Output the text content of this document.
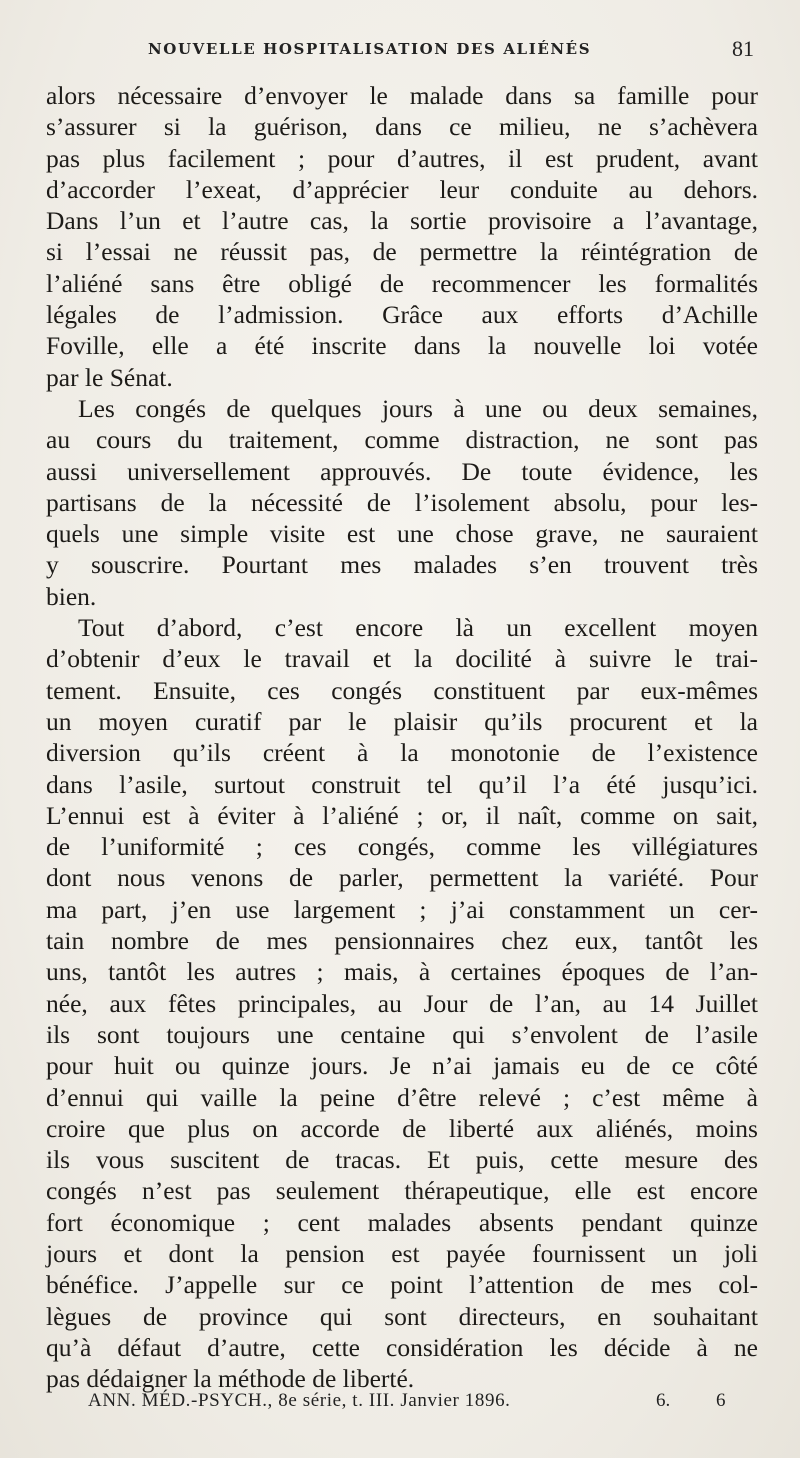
NOUVELLE HOSPITALISATION DES ALIÉNÉS	81
alors nécessaire d’envoyer le malade dans sa famille pour
s’assurer si la guérison, dans ce milieu, ne s’achèvera
pas plus facilement ; pour d’autres, il est prudent, avant
d’accorder l’exeat, d’apprécier leur conduite au dehors.
Dans l’un et l’autre cas, la sortie provisoire a l’avantage,
si l’essai ne réussit pas, de permettre la réintégration de
l’aliéné sans être obligé de recommencer les formalités
légales de l’admission. Grâce aux efforts d’Achille
Foville, elle a été inscrite dans la nouvelle loi votée
par le Sénat.
Les congés de quelques jours à une ou deux semaines,
au cours du traitement, comme distraction, ne sont pas
aussi universellement approuvés. De toute évidence, les
partisans de la nécessité de l’isolement absolu, pour les-
quels une simple visite est une chose grave, ne sauraient
y souscrire. Pourtant mes malades s’en trouvent très
bien.
Tout d’abord, c’est encore là un excellent moyen
d’obtenir d’eux le travail et la docilité à suivre le trai-
tement. Ensuite, ces congés constituent par eux-mêmes
un moyen curatif par le plaisir qu’ils procurent et la
diversion qu’ils créent à la monotonie de l’existence
dans l’asile, surtout construit tel qu’il l’a été jusqu’ici.
L’ennui est à éviter à l’aliéné ; or, il naît, comme on sait,
de l’uniformité ; ces congés, comme les villégiatures
dont nous venons de parler, permettent la variété. Pour
ma part, j’en use largement ; j’ai constamment un cer-
tain nombre de mes pensionnaires chez eux, tantôt les
uns, tantôt les autres ; mais, à certaines époques de l’an-
née, aux fêtes principales, au Jour de l’an, au 14 Juillet
ils sont toujours une centaine qui s’envolent de l’asile
pour huit ou quinze jours. Je n’ai jamais eu de ce côté
d’ennui qui vaille la peine d’être relevé ; c’est même à
croire que plus on accorde de liberté aux aliénés, moins
ils vous suscitent de tracas. Et puis, cette mesure des
congés n’est pas seulement thérapeutique, elle est encore
fort économique ; cent malades absents pendant quinze
jours et dont la pension est payée fournissent un joli
bénéfice. J’appelle sur ce point l’attention de mes col-
lègues de province qui sont directeurs, en souhaitant
qu’à défaut d’autre, cette considération les décide à ne
pas dédaigner la méthode de liberté.
ANN. MÉD.-PSYCH., 8e série, t. III. Janvier 1896.	6. 6
